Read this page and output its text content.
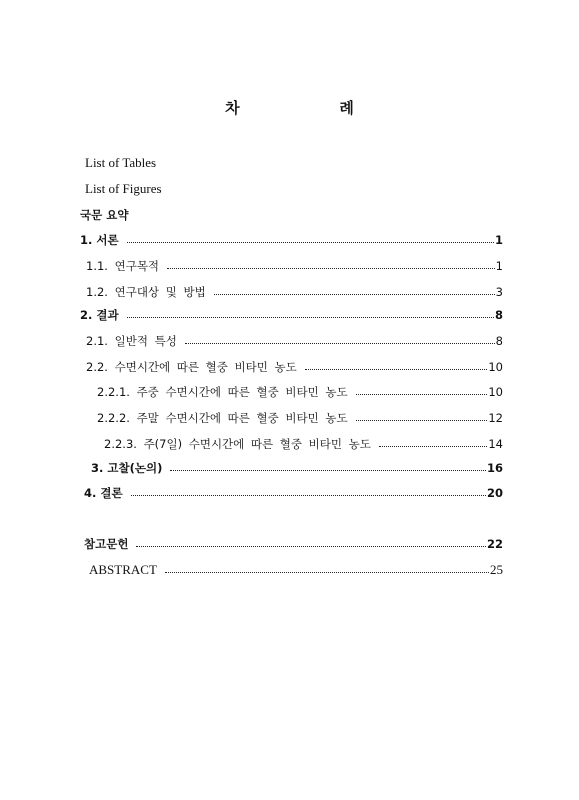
차   례
List of Tables
List of Figures
국문 요약
1. 서론	1
1.1. 연구목적	1
1.2. 연구대상 및 방법	3
2. 결과	8
2.1. 일반적 특성	8
2.2. 수면시간에 따른 혈중 비타민 농도	10
2.2.1. 주중 수면시간에 따른 혈중 비타민 농도	10
2.2.2. 주말 수면시간에 따른 혈중 비타민 농도	12
2.2.3. 주(7일) 수면시간에 따른 혈중 비타민 농도	14
3. 고찰(논의)	16
4. 결론	20
참고문헌	22
ABSTRACT	25
